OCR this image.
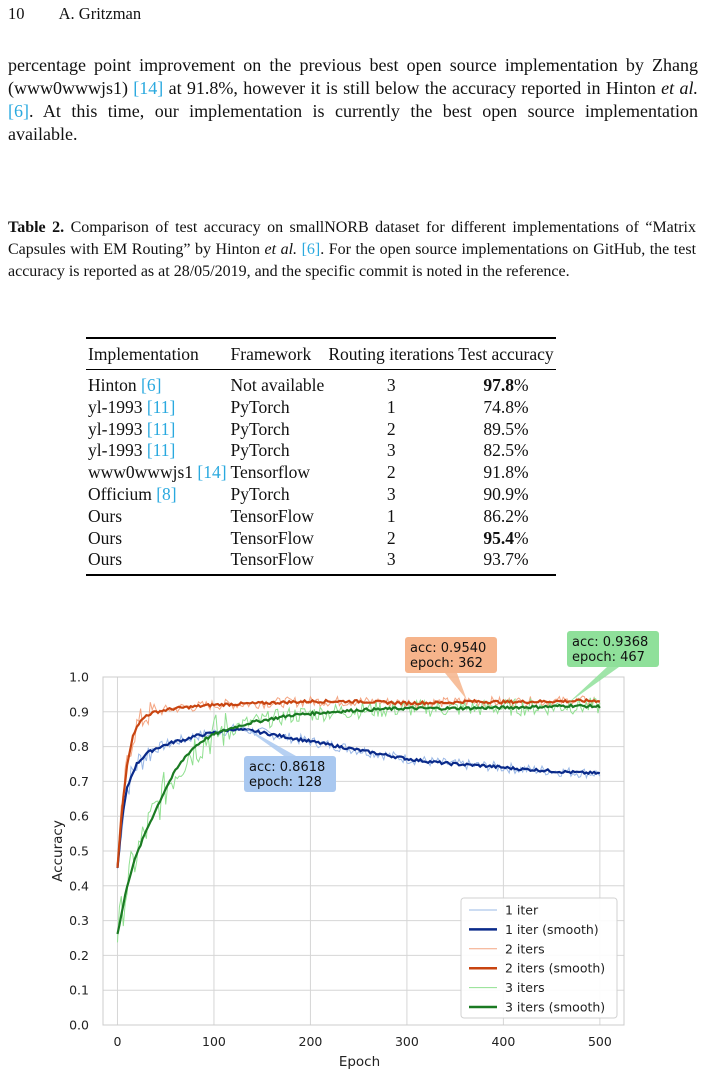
10 A. Gritzman
percentage point improvement on the previous best open source implementation by Zhang (www0wwwjs1) [14] at 91.8%, however it is still below the accuracy reported in Hinton et al. [6]. At this time, our implementation is currently the best open source implementation available.
Table 2. Comparison of test accuracy on smallNORB dataset for different implementations of “Matrix Capsules with EM Routing” by Hinton et al. [6]. For the open source implementations on GitHub, the test accuracy is reported as at 28/05/2019, and the specific commit is noted in the reference.
Implementation	Framework	Routing iterations	Test accuracy
Hinton [6]	Not available	3	97.8%
yl-1993 [11]	PyTorch	1	74.8%
yl-1993 [11]	PyTorch	2	89.5%
yl-1993 [11]	PyTorch	3	82.5%
www0wwwjs1 [14]	Tensorflow	2	91.8%
Officium [8]	PyTorch	3	90.9%
Ours	TensorFlow	1	86.2%
Ours	TensorFlow	2	95.4%
Ours	TensorFlow	3	93.7%
0	100	200	300	400	500
0.0
0.1
0.2
0.3
0.4
0.5
0.6
0.7
0.8
0.9
1.0
Epoch
Accuracy
acc: 0.8618
epoch: 128
acc: 0.9540
epoch: 362
acc: 0.9368
epoch: 467
1 iter
1 iter (smooth)
2 iters
2 iters (smooth)
3 iters
3 iters (smooth)
